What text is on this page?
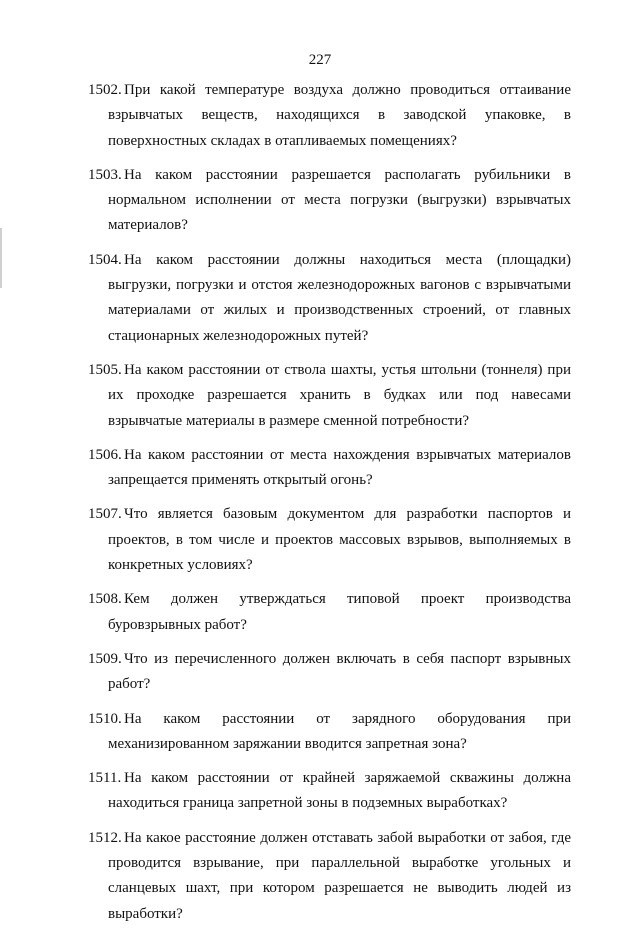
227
1502. При какой температуре воздуха должно проводиться оттаивание взрывчатых веществ, находящихся в заводской упаковке, в поверхностных складах в отапливаемых помещениях?
1503. На каком расстоянии разрешается располагать рубильники в нормальном исполнении от места погрузки (выгрузки) взрывчатых материалов?
1504. На каком расстоянии должны находиться места (площадки) выгрузки, погрузки и отстоя железнодорожных вагонов с взрывчатыми материалами от жилых и производственных строений, от главных стационарных железнодорожных путей?
1505. На каком расстоянии от ствола шахты, устья штольни (тоннеля) при их проходке разрешается хранить в будках или под навесами взрывчатые материалы в размере сменной потребности?
1506. На каком расстоянии от места нахождения взрывчатых материалов запрещается применять открытый огонь?
1507. Что является базовым документом для разработки паспортов и проектов, в том числе и проектов массовых взрывов, выполняемых в конкретных условиях?
1508. Кем должен утверждаться типовой проект производства буровзрывных работ?
1509. Что из перечисленного должен включать в себя паспорт взрывных работ?
1510. На каком расстоянии от зарядного оборудования при механизированном заряжании вводится запретная зона?
1511. На каком расстоянии от крайней заряжаемой скважины должна находиться граница запретной зоны в подземных выработках?
1512. На какое расстояние должен отставать забой выработки от забоя, где проводится взрывание, при параллельной выработке угольных и сланцевых шахт, при котором разрешается не выводить людей из выработки?
